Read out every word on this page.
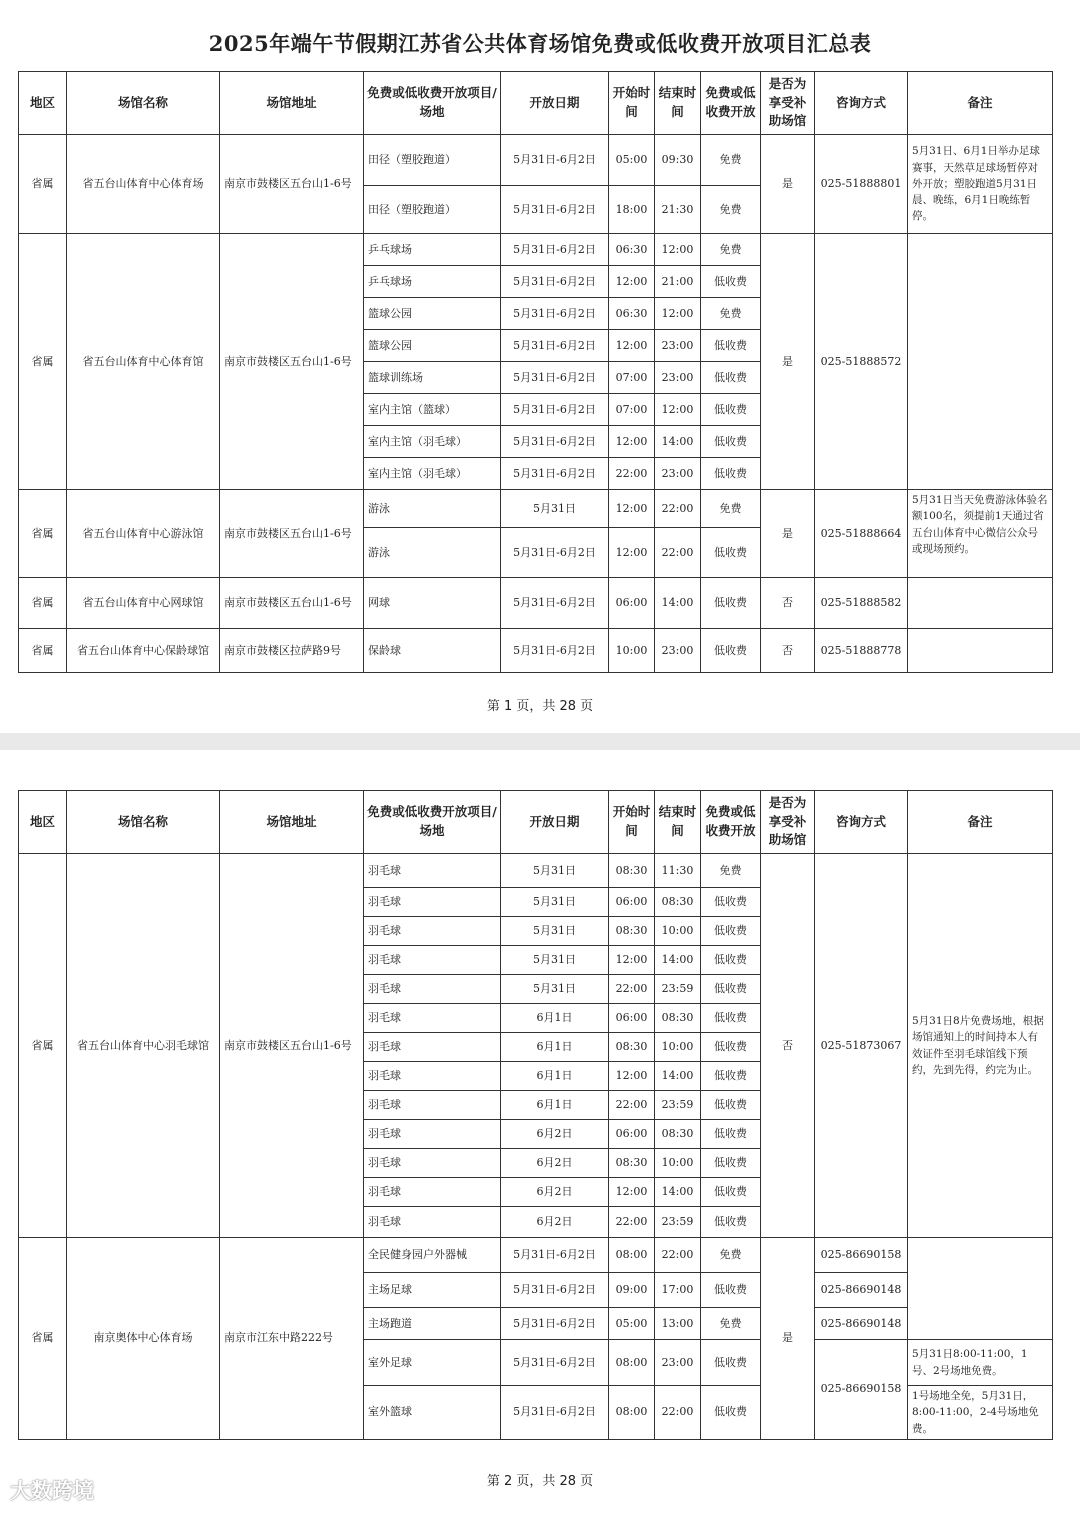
2025年端午节假期江苏省公共体育场馆免费或低收费开放项目汇总表
地区	场馆名称	场馆地址	免费或低收费开放项目/场地	开放日期	开始时间	结束时间	免费或低收费开放	是否为享受补助场馆	咨询方式	备注
省属	省五台山体育中心体育场	南京市鼓楼区五台山1-6号	田径（塑胶跑道）	5月31日-6月2日	05:00	09:30	免费	是	025-51888801	5月31日、6月1日举办足球赛事，天然草足球场暂停对外开放；塑胶跑道5月31日晨、晚练，6月1日晚练暂停。
			田径（塑胶跑道）	5月31日-6月2日	18:00	21:30	免费			
省属	省五台山体育中心体育馆	南京市鼓楼区五台山1-6号	乒乓球场	5月31日-6月2日	06:30	12:00	免费	是	025-51888572	
			乒乓球场	5月31日-6月2日	12:00	21:00	低收费			
			篮球公园	5月31日-6月2日	06:30	12:00	免费			
			篮球公园	5月31日-6月2日	12:00	23:00	低收费			
			篮球训练场	5月31日-6月2日	07:00	23:00	低收费			
			室内主馆（篮球）	5月31日-6月2日	07:00	12:00	低收费			
			室内主馆（羽毛球）	5月31日-6月2日	12:00	14:00	低收费			
			室内主馆（羽毛球）	5月31日-6月2日	22:00	23:00	低收费			
省属	省五台山体育中心游泳馆	南京市鼓楼区五台山1-6号	游泳	5月31日	12:00	22:00	免费	是	025-51888664	5月31日当天免费游泳体验名额100名，须提前1天通过省五台山体育中心微信公众号或现场预约。
			游泳	5月31日-6月2日	12:00	22:00	低收费			
省属	省五台山体育中心网球馆	南京市鼓楼区五台山1-6号	网球	5月31日-6月2日	06:00	14:00	低收费	否	025-51888582	
省属	省五台山体育中心保龄球馆	南京市鼓楼区拉萨路9号	保龄球	5月31日-6月2日	10:00	23:00	低收费	否	025-51888778	
第 1 页，共 28 页
地区	场馆名称	场馆地址	免费或低收费开放项目/场地	开放日期	开始时间	结束时间	免费或低收费开放	是否为享受补助场馆	咨询方式	备注
省属	省五台山体育中心羽毛球馆	南京市鼓楼区五台山1-6号	羽毛球	5月31日	08:30	11:30	免费	否	025-51873067	5月31日8片免费场地，根据场馆通知上的时间持本人有效证件至羽毛球馆线下预约，先到先得，约完为止。
			羽毛球	5月31日	06:00	08:30	低收费			
			羽毛球	5月31日	08:30	10:00	低收费			
			羽毛球	5月31日	12:00	14:00	低收费			
			羽毛球	5月31日	22:00	23:59	低收费			
			羽毛球	6月1日	06:00	08:30	低收费			
			羽毛球	6月1日	08:30	10:00	低收费			
			羽毛球	6月1日	12:00	14:00	低收费			
			羽毛球	6月1日	22:00	23:59	低收费			
			羽毛球	6月2日	06:00	08:30	低收费			
			羽毛球	6月2日	08:30	10:00	低收费			
			羽毛球	6月2日	12:00	14:00	低收费			
			羽毛球	6月2日	22:00	23:59	低收费			
省属	南京奥体中心体育场	南京市江东中路222号	全民健身园户外器械	5月31日-6月2日	08:00	22:00	免费	是	025-86690158	
			主场足球	5月31日-6月2日	09:00	17:00	低收费		025-86690148	
			主场跑道	5月31日-6月2日	05:00	13:00	免费		025-86690148	
			室外足球	5月31日-6月2日	08:00	23:00	低收费		025-86690158	5月31日8:00-11:00，1号、2号场地免费。
			室外篮球	5月31日-6月2日	08:00	22:00	低收费			1号场地全免，5月31日，8:00-11:00，2-4号场地免费。
第 2 页，共 28 页
大数跨境
